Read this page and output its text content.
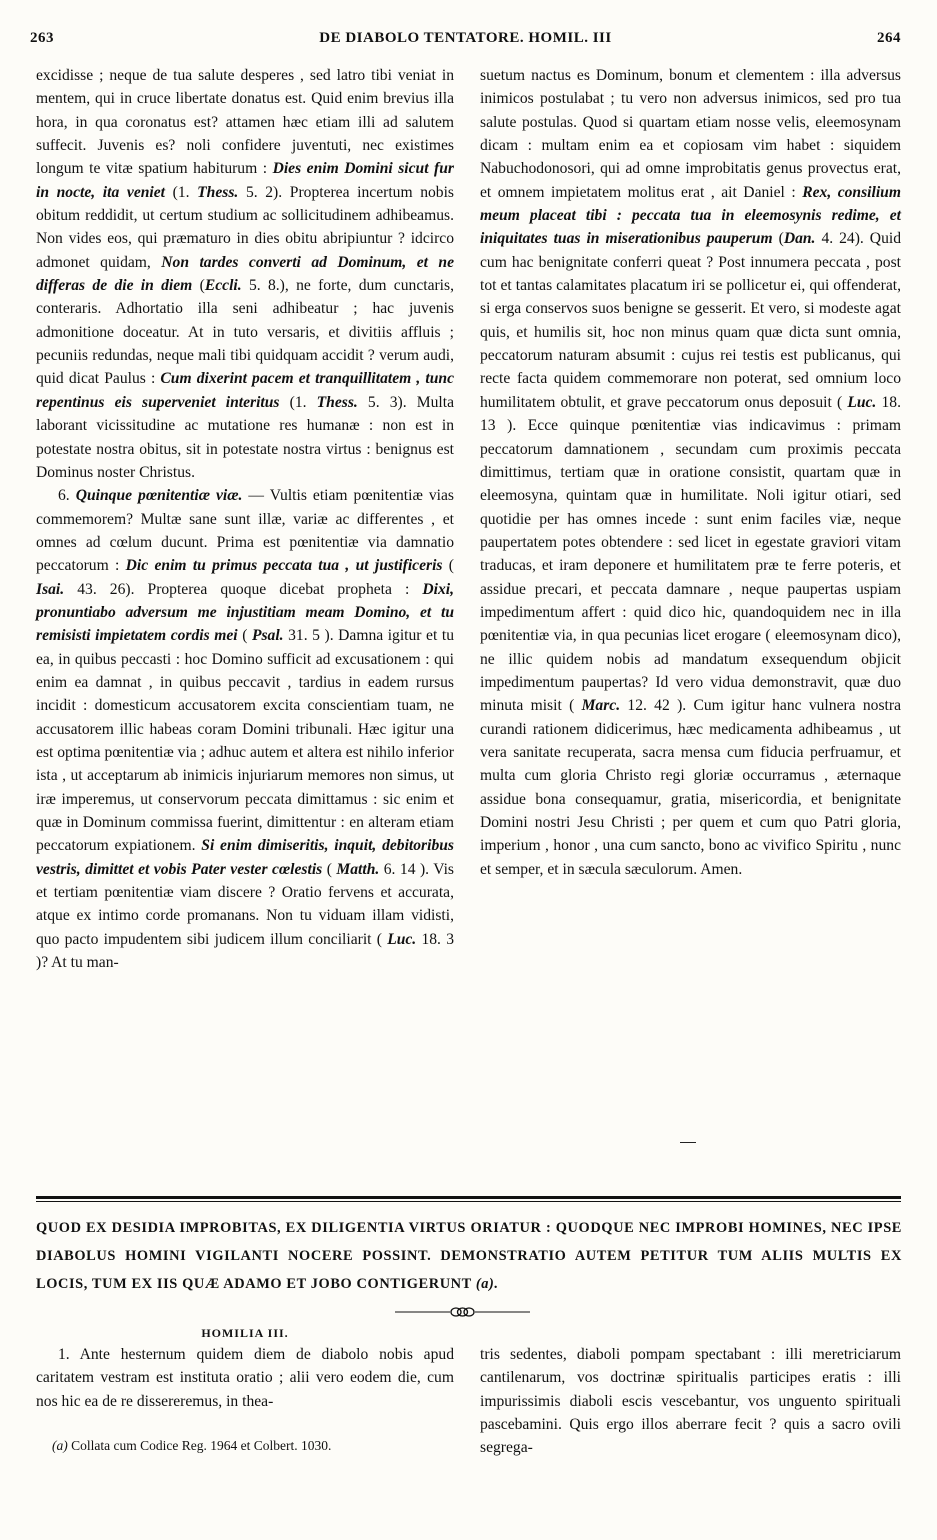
263	DE DIABOLO TENTATORE. HOMIL. III	264

excidisse ; neque de tua salute desperes , sed latro tibi veniat in mentem, qui in cruce libertate donatus est. Quid enim brevius illa hora, in qua coronatus est? attamen hæc etiam illi ad salutem suffecit. Juvenis es? noli confidere juventuti, nec existimes longum te vitæ spatium habiturum : Dies enim Domini sicut fur in nocte, ita veniet (1. Thess. 5. 2). Propterea incertum nobis obitum reddidit, ut certum studium ac sollicitudinem adhibeamus. Non vides eos, qui præmaturo in dies obitu abripiuntur ? idcirco admonet quidam, Non tardes converti ad Dominum, et ne differas de die in diem (Eccli. 5. 8.), ne forte, dum cunctaris, conteraris. Adhortatio illa seni adhibeatur ; hac juvenis admonitione doceatur. At in tuto versaris, et divitiis affluis ; pecuniis redundas, neque mali tibi quidquam accidit ? verum audi, quid dicat Paulus : Cum dixerint pacem et tranquillitatem , tunc repentinus eis superveniet interitus (1. Thess. 5. 3). Multa laborant vicissitudine ac mutatione res humanæ : non est in potestate nostra obitus, sit in potestate nostra virtus : benignus est Dominus noster Christus.

6. Quinque pœnitentiæ viæ. — Vultis etiam pœnitentiæ vias commemorem? Multæ sane sunt illæ, variæ ac differentes , et omnes ad cœlum ducunt. Prima est pœnitentiæ via damnatio peccatorum : Dic enim tu primus peccata tua , ut justificeris ( Isai. 43. 26). Propterea quoque dicebat propheta : Dixi, pronuntiabo adversum me injustitiam meam Domino, et tu remisisti impietatem cordis mei ( Psal. 31. 5 ). Damna igitur et tu ea, in quibus peccasti : hoc Domino sufficit ad excusationem : qui enim ea damnat , in quibus peccavit , tardius in eadem rursus incidit : domesticum accusatorem excita conscientiam tuam, ne accusatorem illic habeas coram Domini tribunali. Hæc igitur una est optima pœnitentiæ via ; adhuc autem et altera est nihilo inferior ista , ut acceptarum ab inimicis injuriarum memores non simus, ut iræ imperemus, ut conservorum peccata dimittamus : sic enim et quæ in Dominum commissa fuerint, dimittentur : en alteram etiam peccatorum expiationem. Si enim dimiseritis, inquit, debitoribus vestris, dimittet et vobis Pater vester cœlestis ( Matth. 6. 14 ). Vis et tertiam pœnitentiæ viam discere ? Oratio fervens et accurata, atque ex intimo corde promanans. Non tu viduam illam vidisti, quo pacto impudentem sibi judicem illum conciliarit ( Luc. 18. 3 )? At tu man-

suetum nactus es Dominum, bonum et clementem : illa adversus inimicos postulabat ; tu vero non adversus inimicos, sed pro tua salute postulas. Quod si quartam etiam nosse velis, eleemosynam dicam : multam enim ea et copiosam vim habet : siquidem Nabuchodonosori, qui ad omne improbitatis genus provectus erat, et omnem impietatem molitus erat , ait Daniel : Rex, consilium meum placeat tibi : peccata tua in eleemosynis redime, et iniquitates tuas in miserationibus pauperum (Dan. 4. 24). Quid cum hac benignitate conferri queat ? Post innumera peccata , post tot et tantas calamitates placatum iri se pollicetur ei, qui offenderat, si erga conservos suos benigne se gesserit. Et vero, si modeste agat quis, et humilis sit, hoc non minus quam quæ dicta sunt omnia, peccatorum naturam absumit : cujus rei testis est publicanus, qui recte facta quidem commemorare non poterat, sed omnium loco humilitatem obtulit, et grave peccatorum onus deposuit ( Luc. 18. 13 ). Ecce quinque pœnitentiæ vias indicavimus : primam peccatorum damnationem , secundam cum proximis peccata dimittimus, tertiam quæ in oratione consistit, quartam quæ in eleemosyna, quintam quæ in humilitate. Noli igitur otiari, sed quotidie per has omnes incede : sunt enim faciles viæ, neque paupertatem potes obtendere : sed licet in egestate graviori vitam traducas, et iram deponere et humilitatem præ te ferre poteris, et assidue precari, et peccata damnare , neque paupertas uspiam impedimentum affert : quid dico hic, quandoquidem nec in illa pœnitentiæ via, in qua pecunias licet erogare ( eleemosynam dico), ne illic quidem nobis ad mandatum exsequendum objicit impedimentum paupertas? Id vero vidua demonstravit, quæ duo minuta misit ( Marc. 12. 42 ). Cum igitur hanc vulnera nostra curandi rationem didicerimus, hæc medicamenta adhibeamus , ut vera sanitate recuperata, sacra mensa cum fiducia perfruamur, et multa cum gloria Christo regi gloriæ occurramus , æternaque assidue bona consequamur, gratia, misericordia, et benignitate Domini nostri Jesu Christi ; per quem et cum quo Patri gloria, imperium , honor , una cum sancto, bono ac vivifico Spiritu , nunc et semper, et in sæcula sæculorum. Amen.

QUOD EX DESIDIA IMPROBITAS, EX DILIGENTIA VIRTUS ORIATUR : QUODQUE NEC IMPROBI HOMINES, NEC IPSE DIABOLUS HOMINI VIGILANTI NOCERE POSSINT. DEMONSTRATIO AUTEM PETITUR TUM ALIIS MULTIS EX LOCIS, TUM EX IIS QUÆ ADAMO ET JOBO CONTIGERUNT (a).
HOMILIA III.

1. Ante hesternum quidem diem de diabolo nobis apud caritatem vestram est instituta oratio ; alii vero eodem die, cum nos hic ea de re dissereremus, in thea-

tris sedentes, diaboli pompam spectabant : illi meretriciarum cantilenarum, vos doctrinæ spiritualis participes eratis : illi impurissimis diaboli escis vescebantur, vos unguento spirituali pascebamini. Quis ergo illos aberrare fecit ? quis a sacro ovili segrega-

(a) Collata cum Codice Reg. 1964 et Colbert. 1030.
